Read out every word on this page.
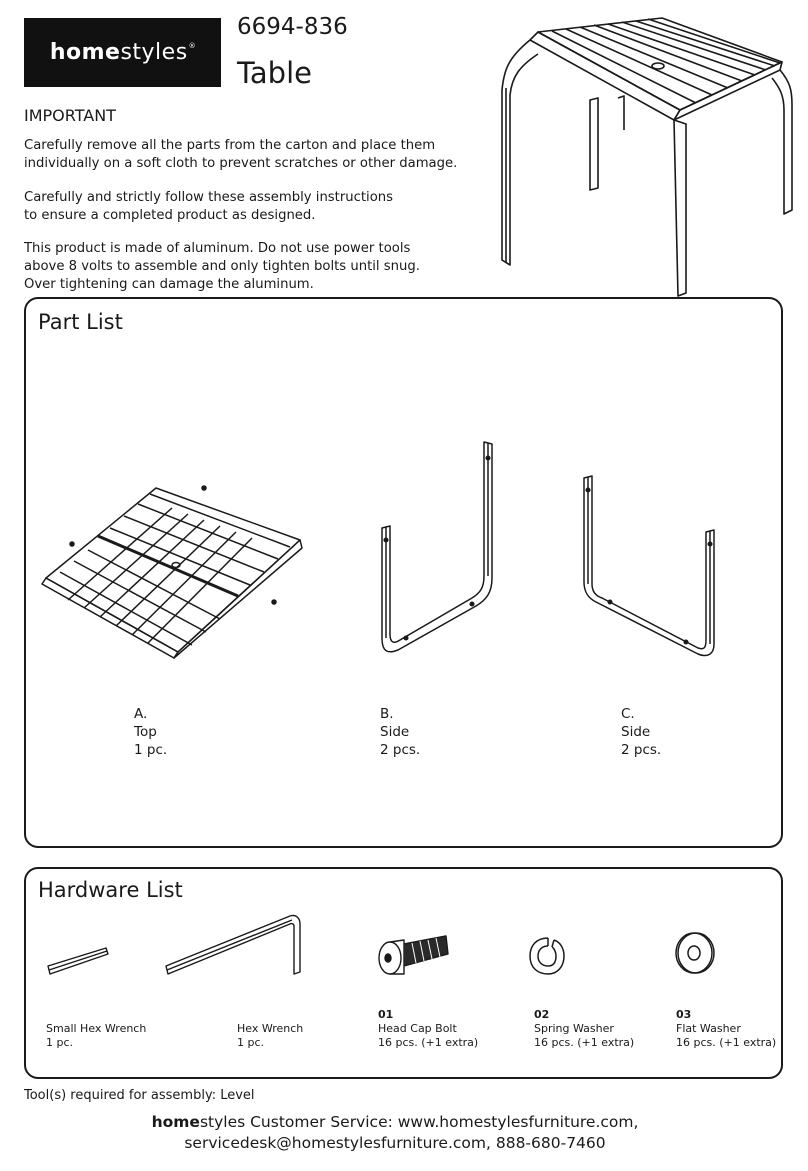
homestyles®
6694-836
Table
IMPORTANT
Carefully remove all the parts from the carton and place them
individually on a soft cloth to prevent scratches or other damage.
Carefully and strictly follow these assembly instructions
to ensure a completed product as designed.
This product is made of aluminum. Do not use power tools
above 8 volts to assemble and only tighten bolts until snug.
Over tightening can damage the aluminum.
Part List
A.
Top
1 pc.
B.
Side
2 pcs.
C.
Side
2 pcs.
Hardware List
Small Hex Wrench
1 pc.
Hex Wrench
1 pc.
01
Head Cap Bolt
16 pcs. (+1 extra)
02
Spring Washer
16 pcs. (+1 extra)
03
Flat Washer
16 pcs. (+1 extra)
Tool(s) required for assembly: Level
homestyles Customer Service: www.homestylesfurniture.com,
servicedesk@homestylesfurniture.com, 888-680-7460
